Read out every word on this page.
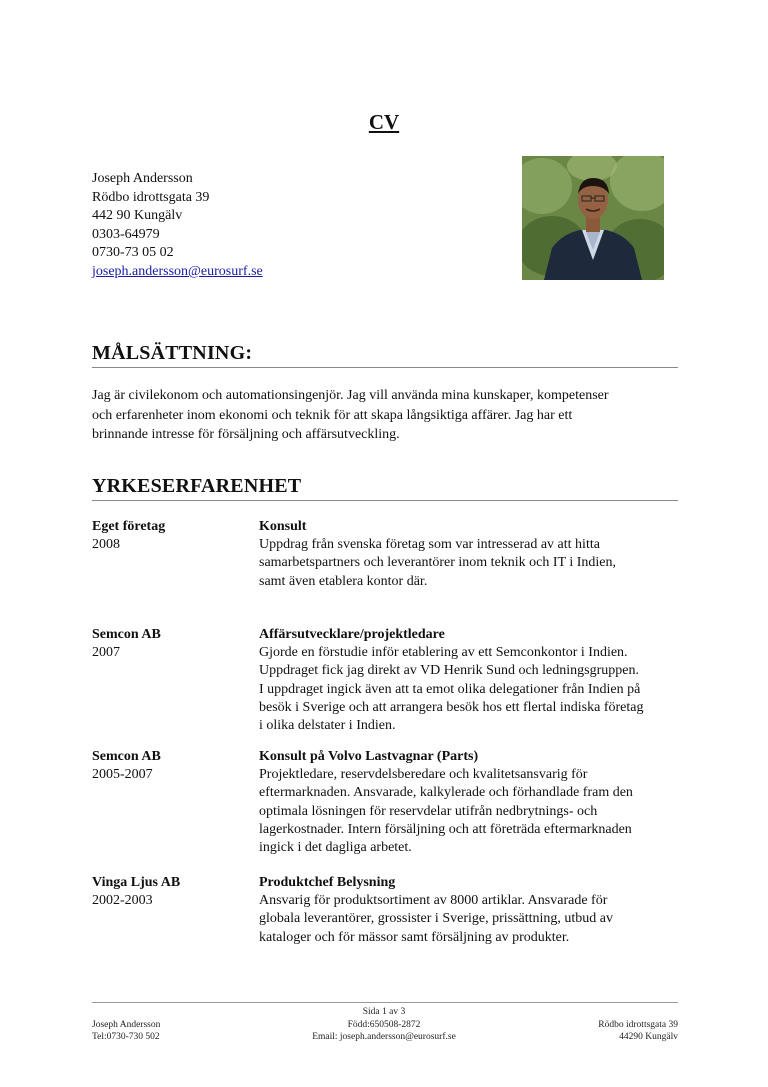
CV
Joseph Andersson
Rödbo idrottsgata 39
442 90 Kungälv
0303-64979
0730-73 05 02
joseph.andersson@eurosurf.se
MÅLSÄTTNING:
Jag är civilekonom och automationsingenjör. Jag vill använda mina kunskaper, kompetenser
och erfarenheter inom ekonomi och teknik för att skapa långsiktiga affärer. Jag har ett
brinnande intresse för försäljning och affärsutveckling.
YRKESERFARENHET
Eget företag
2008
Konsult
Uppdrag från svenska företag som var intresserad av att hitta
samarbetspartners och leverantörer inom teknik och IT i Indien,
samt även etablera kontor där.
Semcon AB
2007
Affärsutvecklare/projektledare
Gjorde en förstudie inför etablering av ett Semconkontor i Indien.
Uppdraget fick jag direkt av VD Henrik Sund och ledningsgruppen.
I uppdraget ingick även att ta emot olika delegationer från Indien på
besök i Sverige och att arrangera besök hos ett flertal indiska företag
i olika delstater i Indien.
Semcon AB
2005-2007
Konsult på Volvo Lastvagnar (Parts)
Projektledare, reservdelsberedare och kvalitetsansvarig för
eftermarknaden. Ansvarade, kalkylerade och förhandlade fram den
optimala lösningen för reservdelar utifrån nedbrytnings- och
lagerkostnader. Intern försäljning och att företräda eftermarknaden
ingick i det dagliga arbetet.
Vinga Ljus AB
2002-2003
Produktchef Belysning
Ansvarig för produktsortiment av 8000 artiklar. Ansvarade för
globala leverantörer, grossister i Sverige, prissättning, utbud av
kataloger och för mässor samt försäljning av produkter.
Joseph Andersson
Tel:0730-730 502
Sida 1 av 3
Född:650508-2872
Email: joseph.andersson@eurosurf.se
Rödbo idrottsgata 39
44290 Kungälv
